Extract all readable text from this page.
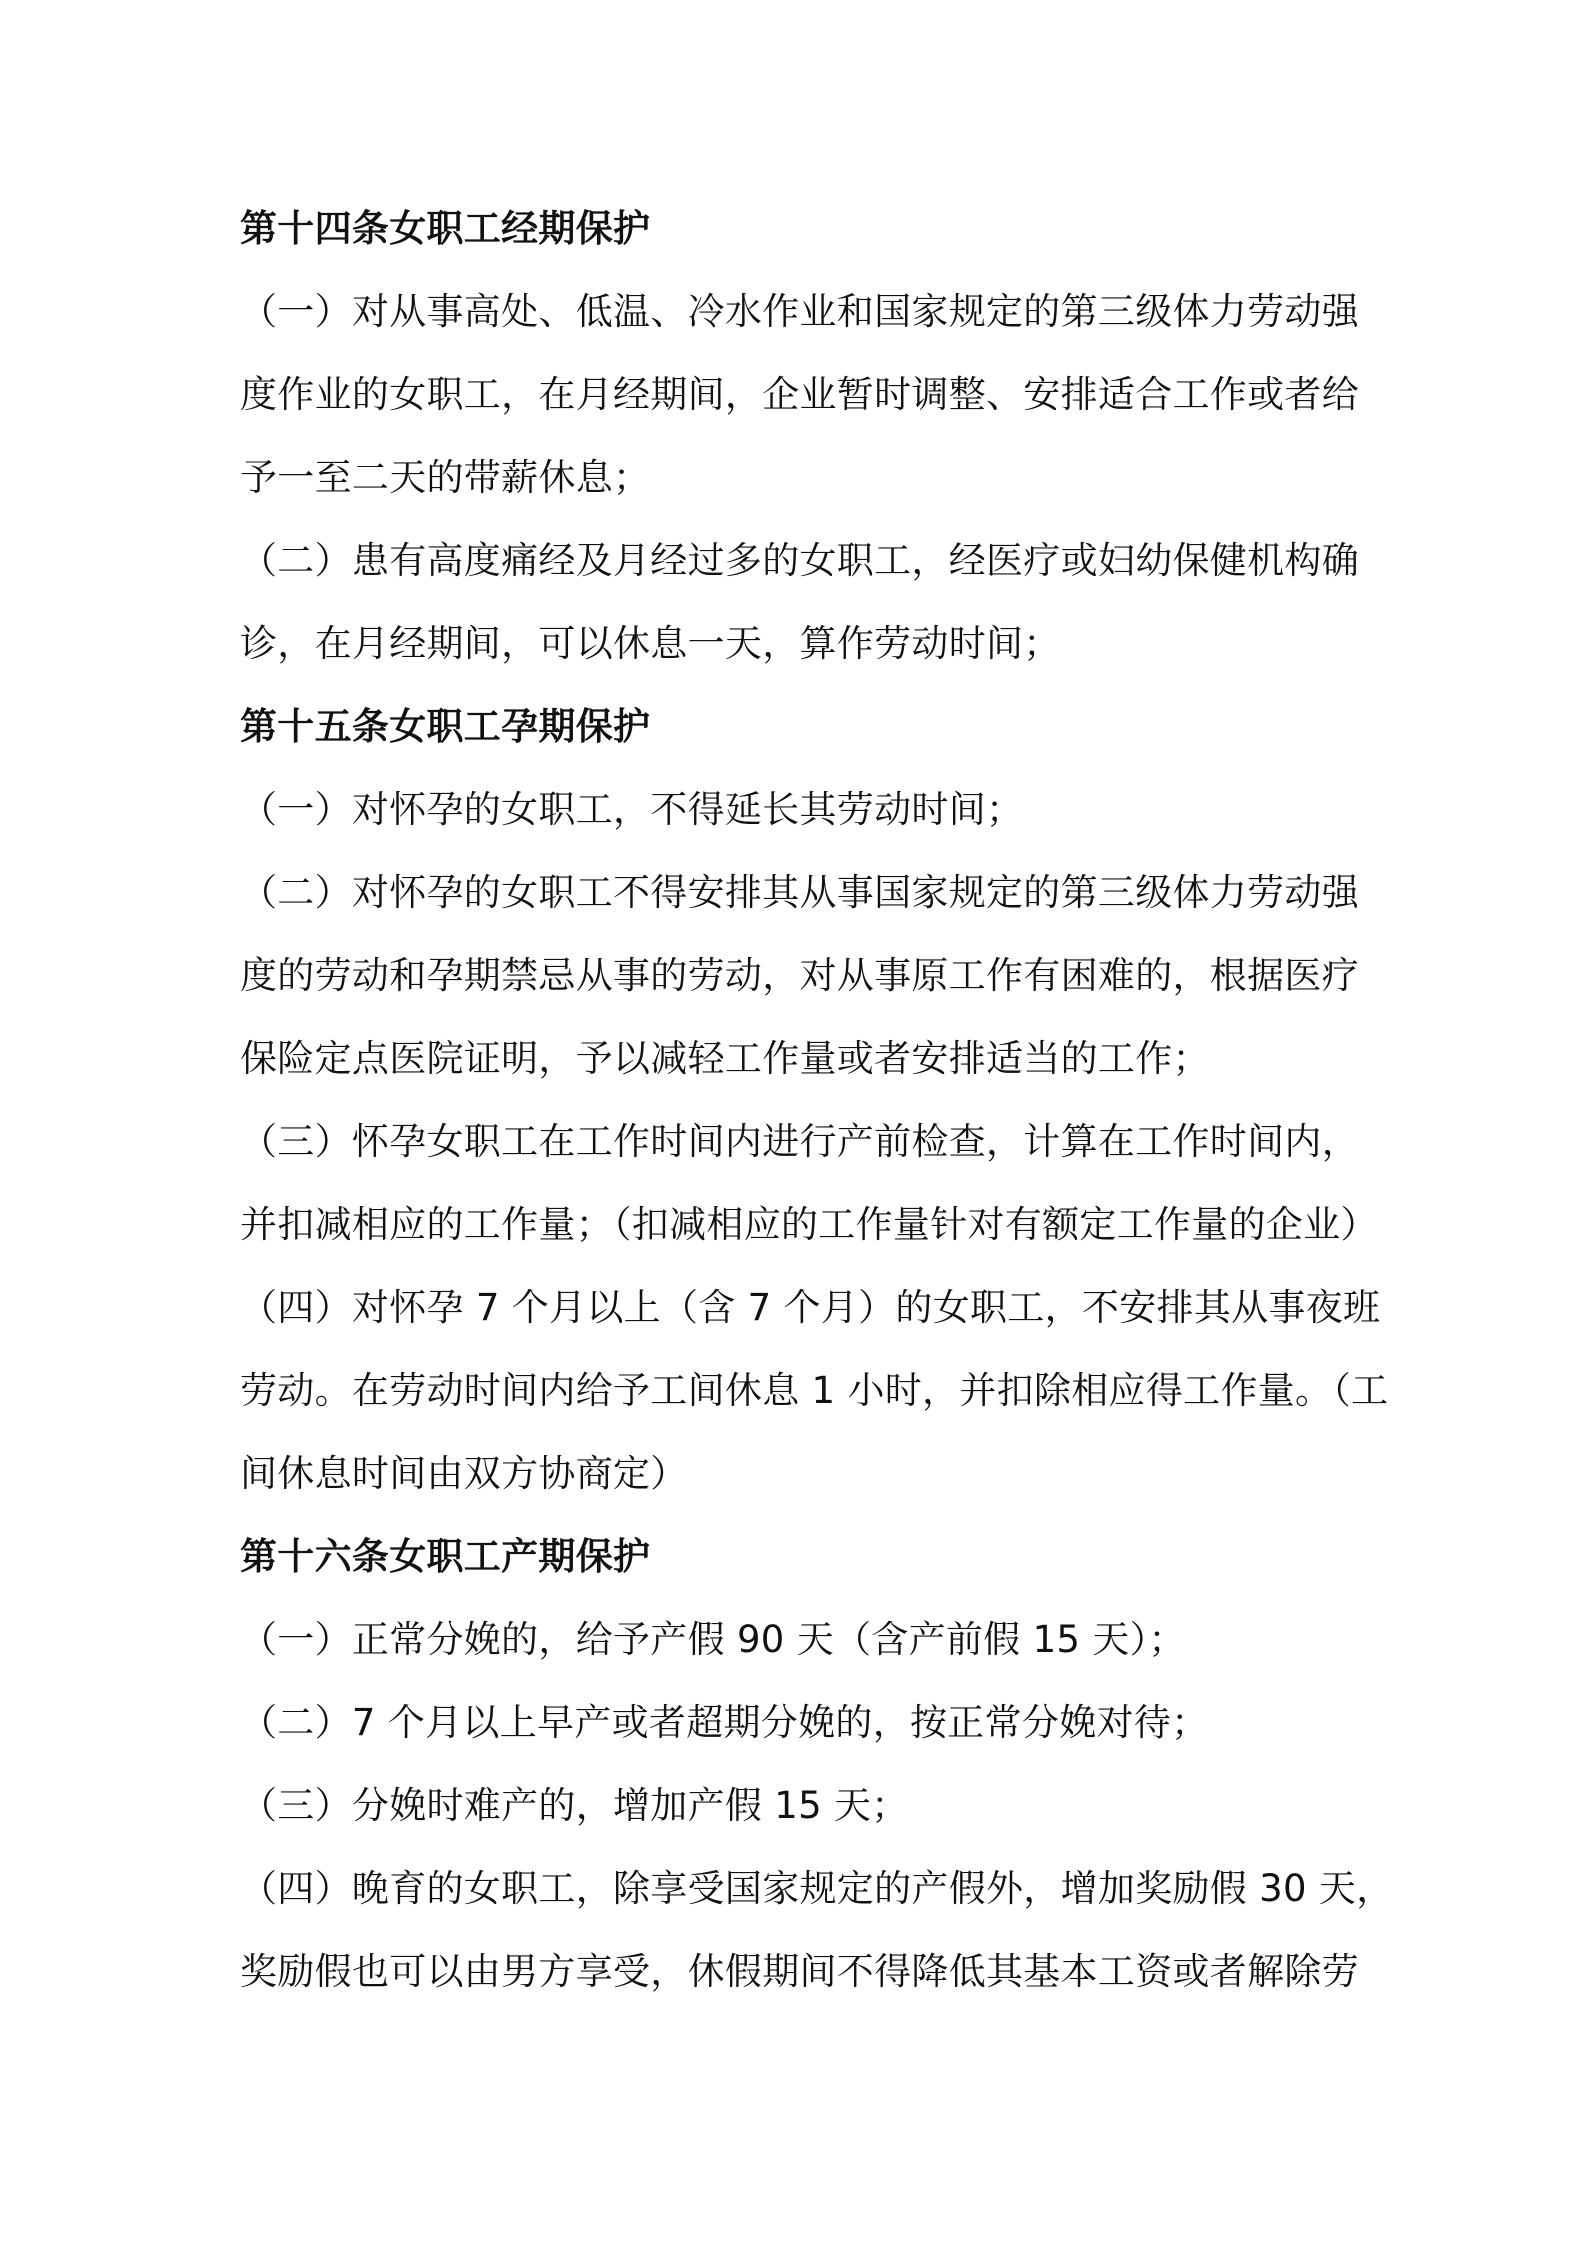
第十四条女职工经期保护
（一）对从事高处、低温、冷水作业和国家规定的第三级体力劳动强
度作业的女职工，在月经期间，企业暂时调整、安排适合工作或者给
予一至二天的带薪休息；
（二）患有高度痛经及月经过多的女职工，经医疗或妇幼保健机构确
诊，在月经期间，可以休息一天，算作劳动时间；
第十五条女职工孕期保护
（一）对怀孕的女职工，不得延长其劳动时间；
（二）对怀孕的女职工不得安排其从事国家规定的第三级体力劳动强
度的劳动和孕期禁忌从事的劳动，对从事原工作有困难的，根据医疗
保险定点医院证明，予以减轻工作量或者安排适当的工作；
（三）怀孕女职工在工作时间内进行产前检查，计算在工作时间内，
并扣减相应的工作量；（扣减相应的工作量针对有额定工作量的企业）
（四）对怀孕 7 个月以上（含 7 个月）的女职工，不安排其从事夜班
劳动。在劳动时间内给予工间休息 1 小时，并扣除相应得工作量。（工
间休息时间由双方协商定）
第十六条女职工产期保护
（一）正常分娩的，给予产假 90 天（含产前假 15 天）；
（二）7 个月以上早产或者超期分娩的，按正常分娩对待；
（三）分娩时难产的，增加产假 15 天；
（四）晚育的女职工，除享受国家规定的产假外，增加奖励假 30 天，
奖励假也可以由男方享受，休假期间不得降低其基本工资或者解除劳
